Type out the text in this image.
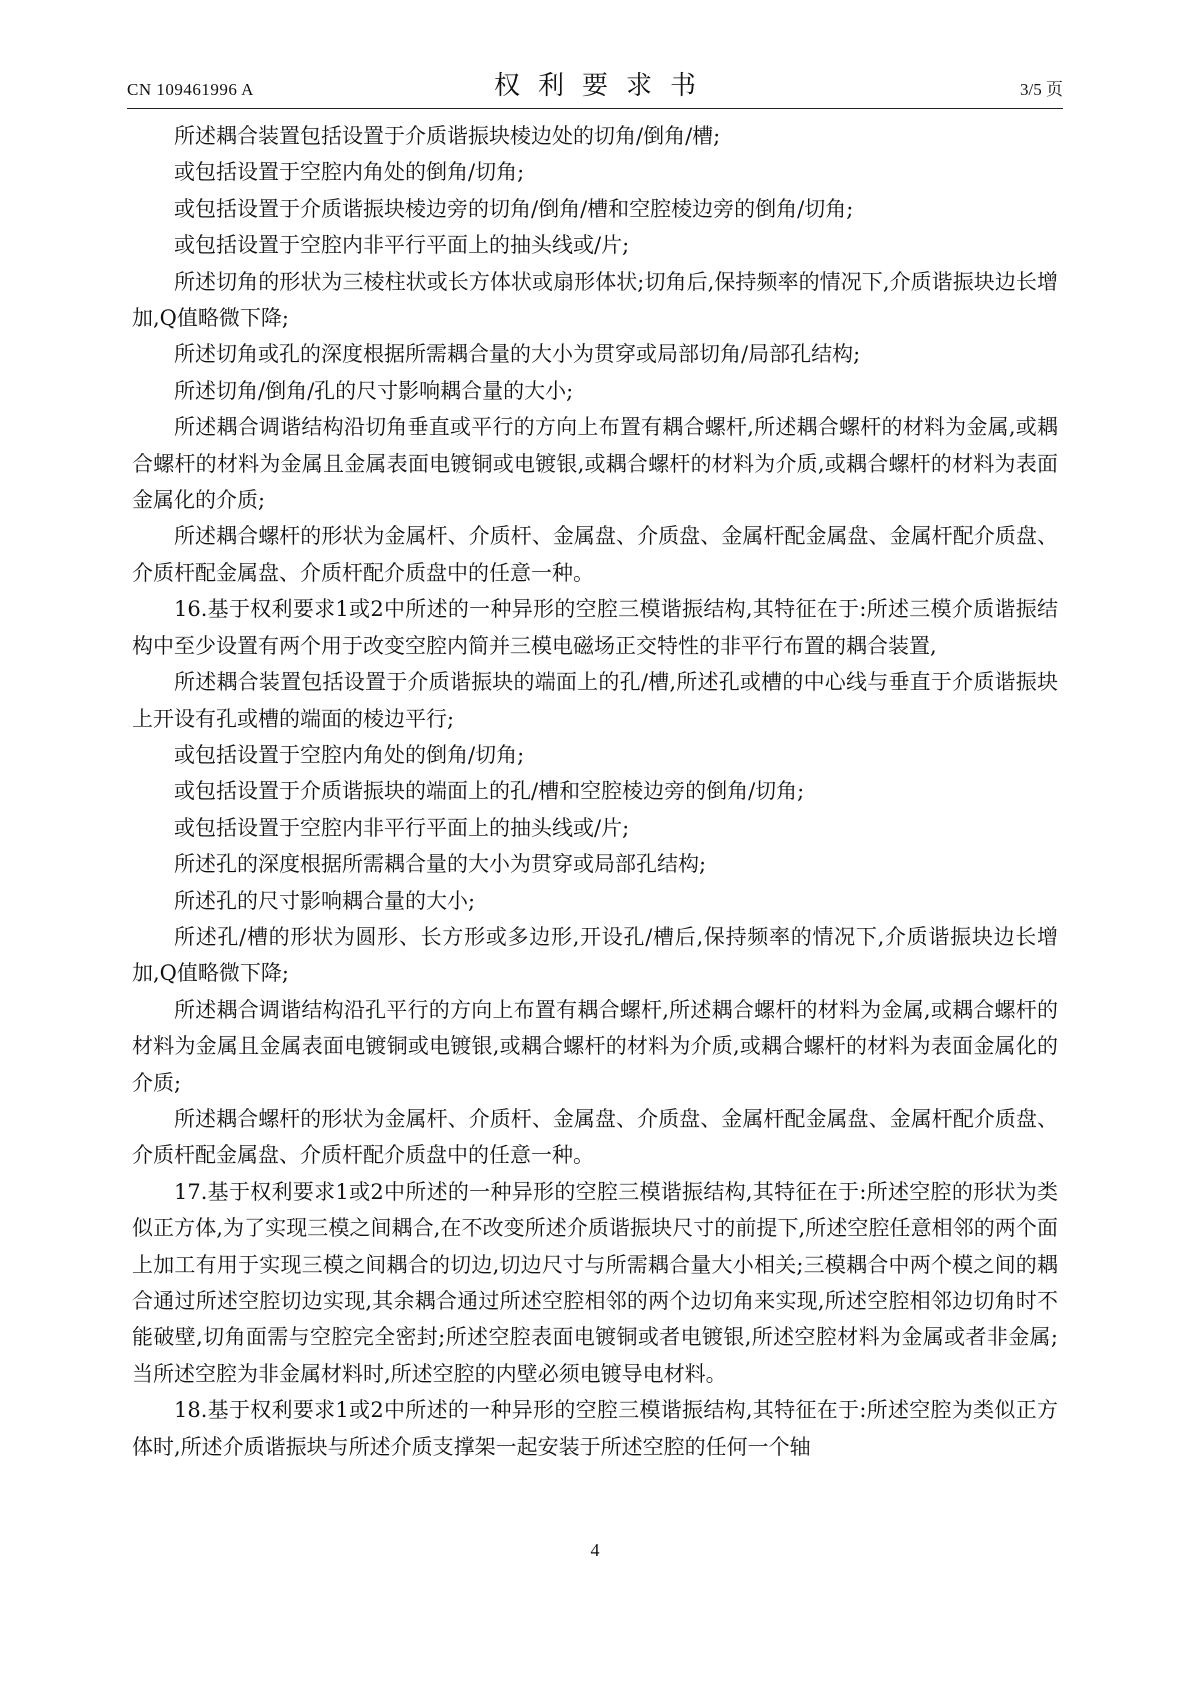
CN 109461996 A	权利要求书	3/5 页

所述耦合装置包括设置于介质谐振块棱边处的切角/倒角/槽;

或包括设置于空腔内角处的倒角/切角;

或包括设置于介质谐振块棱边旁的切角/倒角/槽和空腔棱边旁的倒角/切角;

或包括设置于空腔内非平行平面上的抽头线或/片;

所述切角的形状为三棱柱状或长方体状或扇形体状;切角后,保持频率的情况下,介质谐振块边长增加,Q值略微下降;

所述切角或孔的深度根据所需耦合量的大小为贯穿或局部切角/局部孔结构;

所述切角/倒角/孔的尺寸影响耦合量的大小;

所述耦合调谐结构沿切角垂直或平行的方向上布置有耦合螺杆,所述耦合螺杆的材料为金属,或耦合螺杆的材料为金属且金属表面电镀铜或电镀银,或耦合螺杆的材料为介质,或耦合螺杆的材料为表面金属化的介质;

所述耦合螺杆的形状为金属杆、介质杆、金属盘、介质盘、金属杆配金属盘、金属杆配介质盘、介质杆配金属盘、介质杆配介质盘中的任意一种。

16.基于权利要求1或2中所述的一种异形的空腔三模谐振结构,其特征在于:所述三模介质谐振结构中至少设置有两个用于改变空腔内简并三模电磁场正交特性的非平行布置的耦合装置,

所述耦合装置包括设置于介质谐振块的端面上的孔/槽,所述孔或槽的中心线与垂直于介质谐振块上开设有孔或槽的端面的棱边平行;

或包括设置于空腔内角处的倒角/切角;

或包括设置于介质谐振块的端面上的孔/槽和空腔棱边旁的倒角/切角;

或包括设置于空腔内非平行平面上的抽头线或/片;

所述孔的深度根据所需耦合量的大小为贯穿或局部孔结构;

所述孔的尺寸影响耦合量的大小;

所述孔/槽的形状为圆形、长方形或多边形,开设孔/槽后,保持频率的情况下,介质谐振块边长增加,Q值略微下降;

所述耦合调谐结构沿孔平行的方向上布置有耦合螺杆,所述耦合螺杆的材料为金属,或耦合螺杆的材料为金属且金属表面电镀铜或电镀银,或耦合螺杆的材料为介质,或耦合螺杆的材料为表面金属化的介质;

所述耦合螺杆的形状为金属杆、介质杆、金属盘、介质盘、金属杆配金属盘、金属杆配介质盘、介质杆配金属盘、介质杆配介质盘中的任意一种。

17.基于权利要求1或2中所述的一种异形的空腔三模谐振结构,其特征在于:所述空腔的形状为类似正方体,为了实现三模之间耦合,在不改变所述介质谐振块尺寸的前提下,所述空腔任意相邻的两个面上加工有用于实现三模之间耦合的切边,切边尺寸与所需耦合量大小相关;三模耦合中两个模之间的耦合通过所述空腔切边实现,其余耦合通过所述空腔相邻的两个边切角来实现,所述空腔相邻边切角时不能破壁,切角面需与空腔完全密封;所述空腔表面电镀铜或者电镀银,所述空腔材料为金属或者非金属;当所述空腔为非金属材料时,所述空腔的内壁必须电镀导电材料。

18.基于权利要求1或2中所述的一种异形的空腔三模谐振结构,其特征在于:所述空腔为类似正方体时,所述介质谐振块与所述介质支撑架一起安装于所述空腔的任何一个轴

4
